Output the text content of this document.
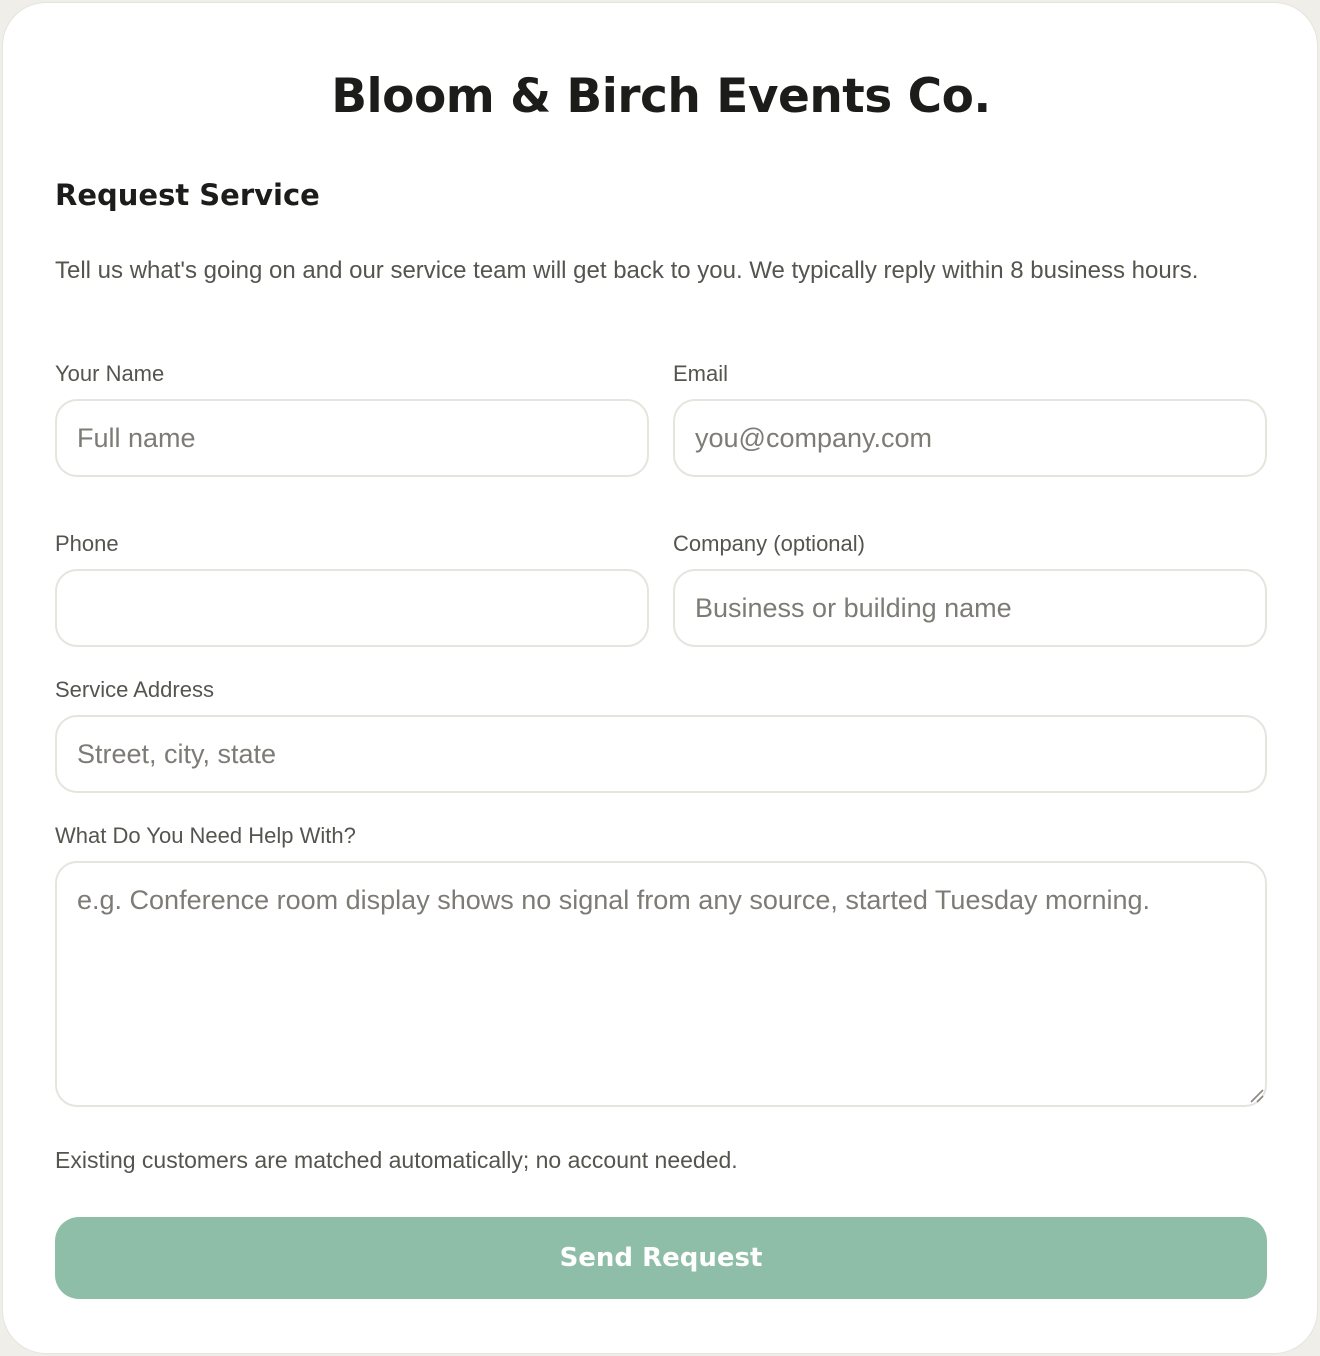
Bloom & Birch Events Co.
Request Service

Tell us what's going on and our service team will get back to you. We typically reply within 8 business hours.

Your Name
Full name	Email
you@company.com
Phone	Company (optional)
Business or building name
Service Address
Street, city, state
What Do You Need Help With?
e.g. Conference room display shows no signal from any source, started Tuesday morning.

Existing customers are matched automatically; no account needed.

Send Request
